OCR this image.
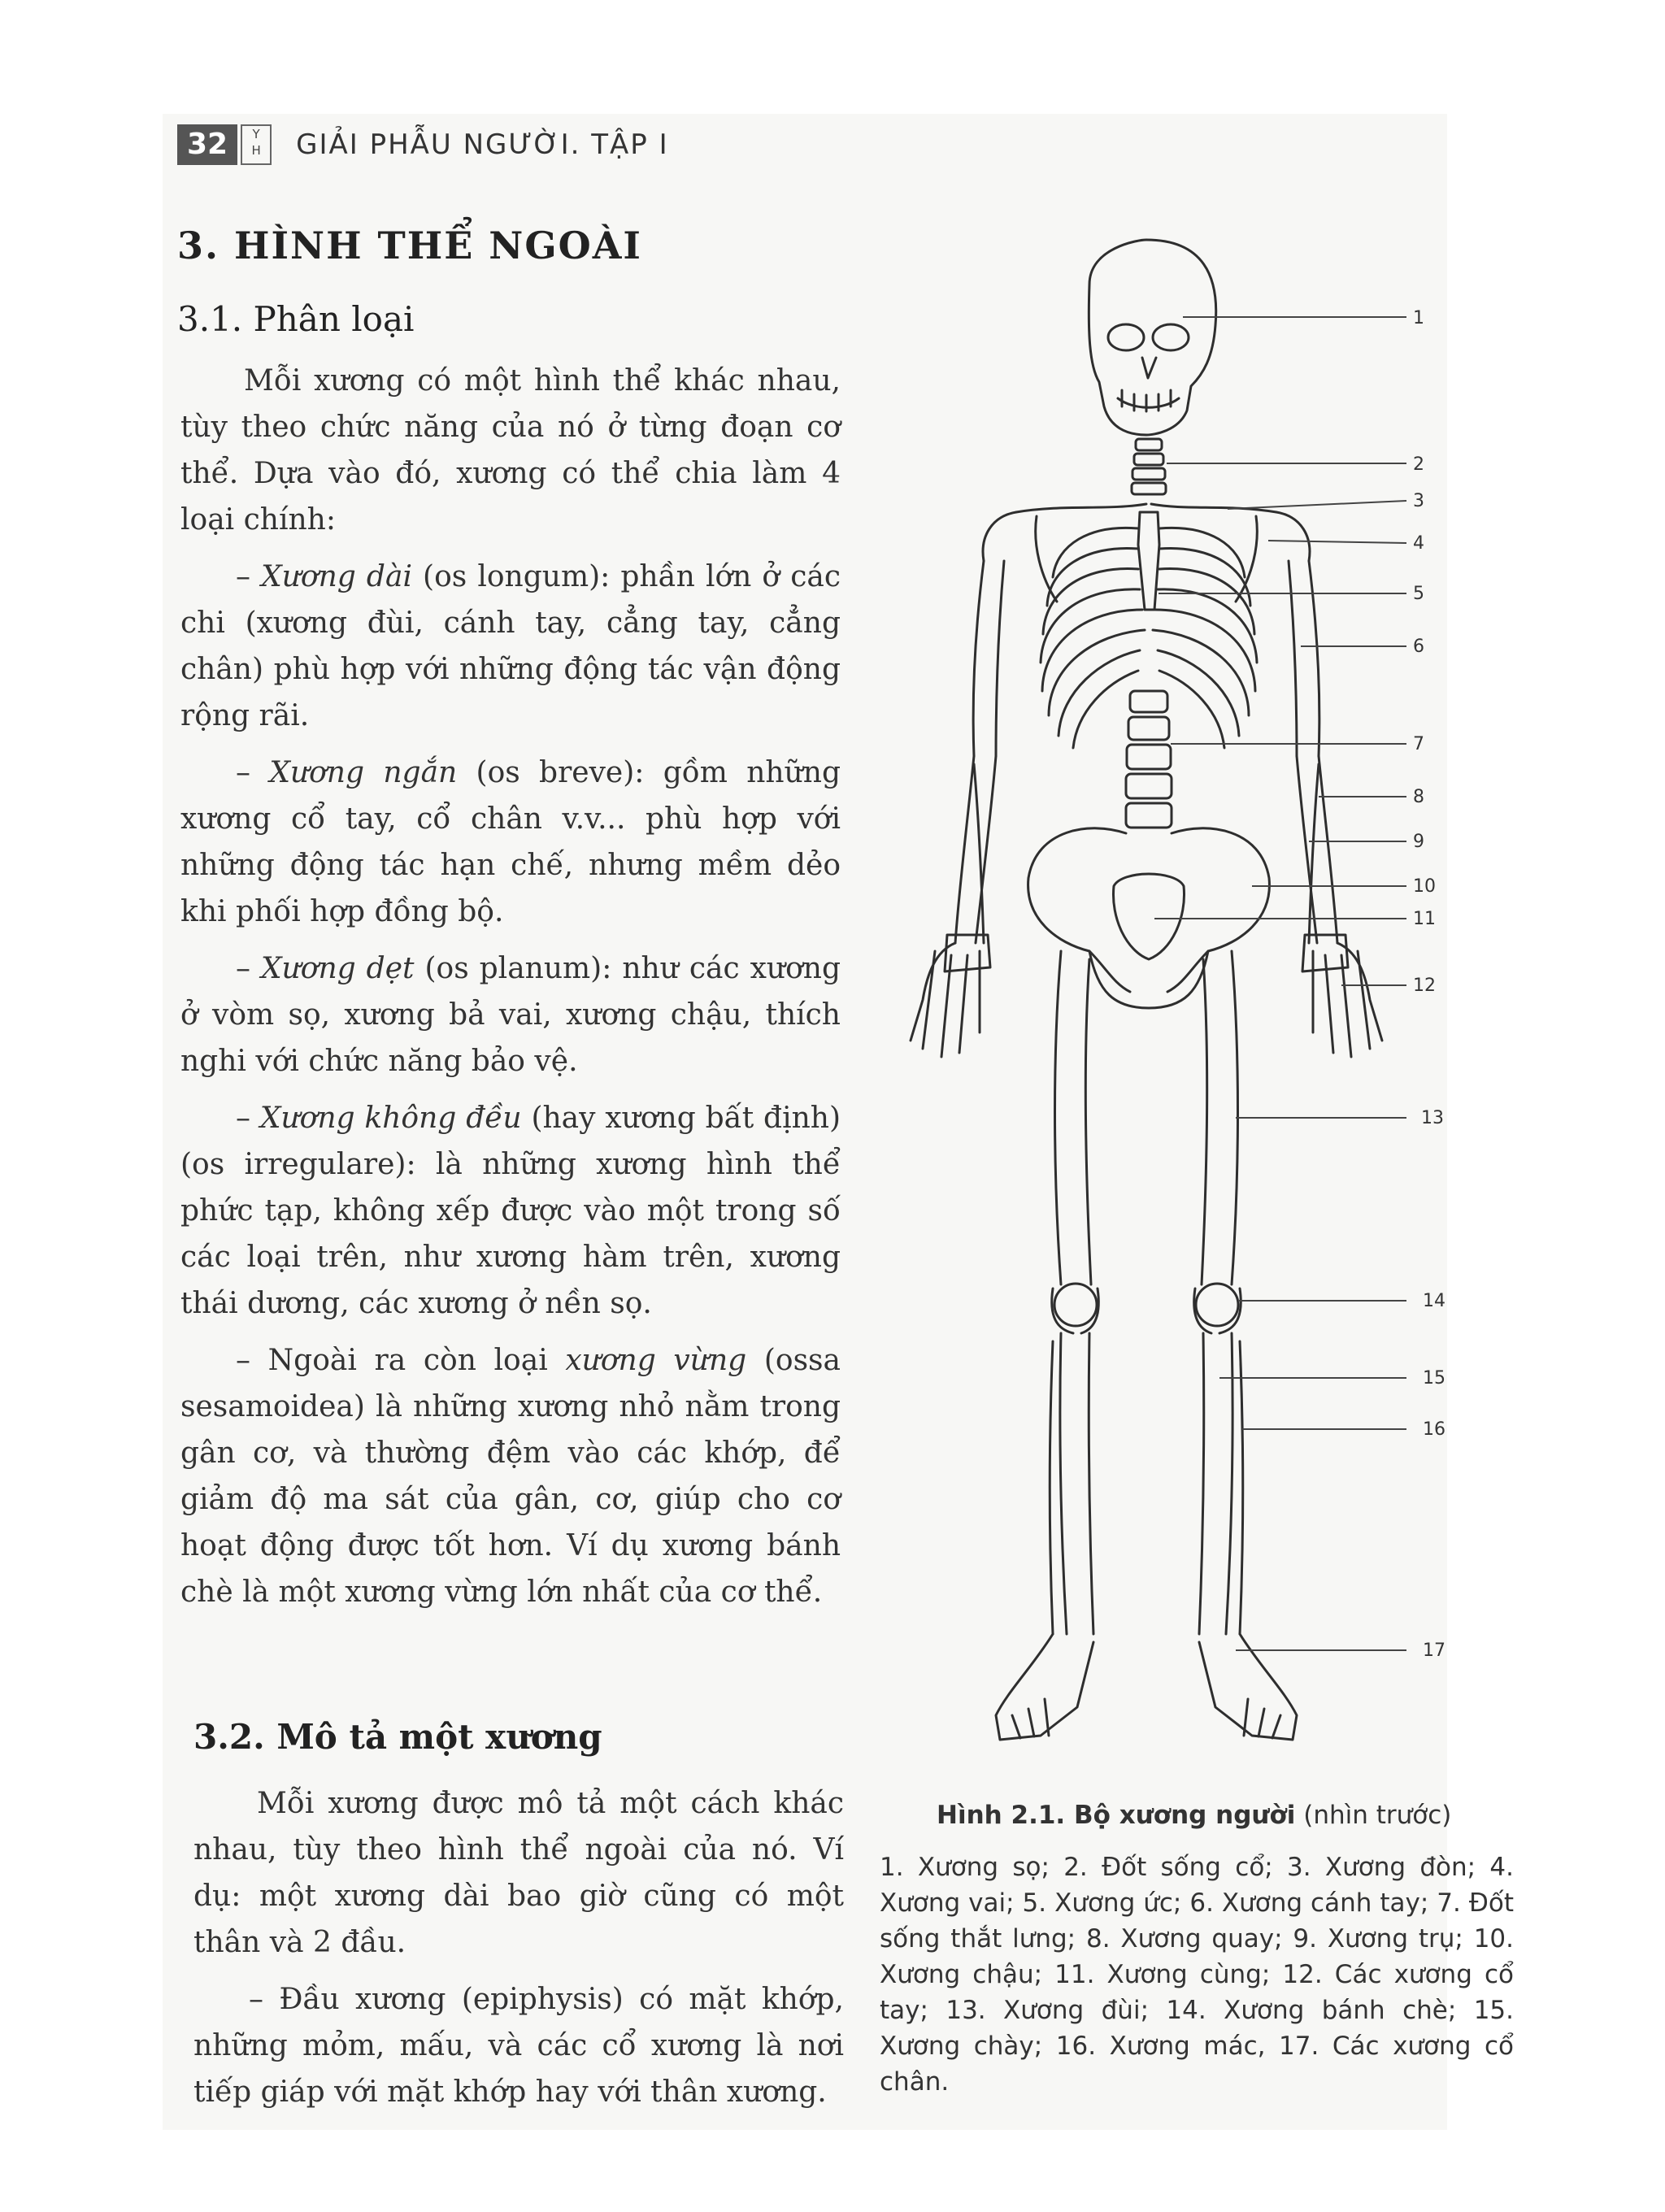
32	Y
H	GIẢI PHẪU NGƯỜI. TẬP I
3. HÌNH THỂ NGOÀI
3.1. Phân loại

Mỗi xương có một hình thể khác nhau, tùy theo chức năng của nó ở từng đoạn cơ thể. Dựa vào đó, xương có thể chia làm 4 loại chính:

– Xương dài (os longum): phần lớn ở các chi (xương đùi, cánh tay, cẳng tay, cẳng chân) phù hợp với những động tác vận động rộng rãi.

– Xương ngắn (os breve): gồm những xương cổ tay, cổ chân v.v... phù hợp với những động tác hạn chế, nhưng mềm dẻo khi phối hợp đồng bộ.

– Xương dẹt (os planum): như các xương ở vòm sọ, xương bả vai, xương chậu, thích nghi với chức năng bảo vệ.

– Xương không đều (hay xương bất định) (os irregulare): là những xương hình thể phức tạp, không xếp được vào một trong số các loại trên, như xương hàm trên, xương thái dương, các xương ở nền sọ.

– Ngoài ra còn loại xương vừng (ossa sesamoidea) là những xương nhỏ nằm trong gân cơ, và thường đệm vào các khớp, để giảm độ ma sát của gân, cơ, giúp cho cơ hoạt động được tốt hơn. Ví dụ xương bánh chè là một xương vừng lớn nhất của cơ thể.

3.2. Mô tả một xương

Mỗi xương được mô tả một cách khác nhau, tùy theo hình thể ngoài của nó. Ví dụ: một xương dài bao giờ cũng có một thân và 2 đầu.

– Đầu xương (epiphysis) có mặt khớp, những mỏm, mấu, và các cổ xương là nơi tiếp giáp với mặt khớp hay với thân xương.

1
2
3
4
5
6
7
8
9
10
11
12
13
14
15
16
17
Hình 2.1. Bộ xương người (nhìn trước)
1. Xương sọ; 2. Đốt sống cổ; 3. Xương đòn; 4. Xương vai; 5. Xương ức; 6. Xương cánh tay; 7. Đốt sống thắt lưng; 8. Xương quay; 9. Xương trụ; 10. Xương chậu; 11. Xương cùng; 12. Các xương cổ tay; 13. Xương đùi; 14. Xương bánh chè; 15. Xương chày; 16. Xương mác, 17. Các xương cổ chân.
